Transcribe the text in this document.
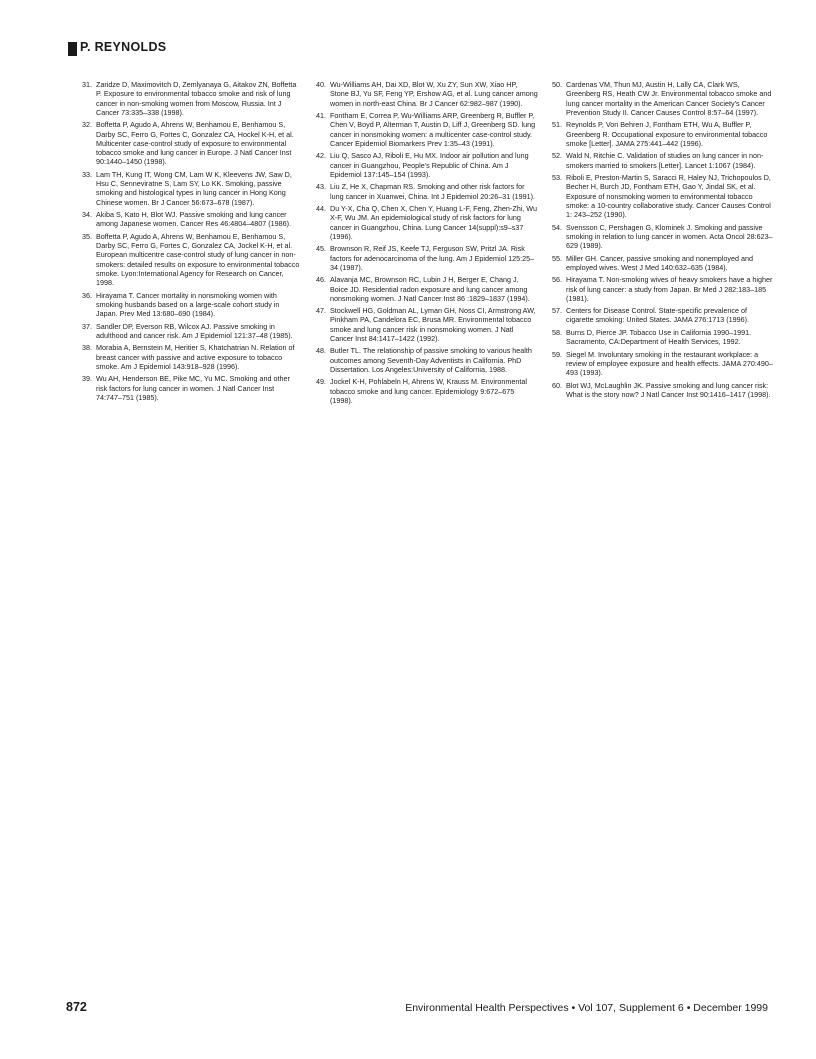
P. REYNOLDS
31. Zaridze D, Maximovitch D, Zemlyanaya G, Aitakov ZN, Boffetta P. Exposure to environmental tobacco smoke and risk of lung cancer in non-smoking women from Moscow, Russia. Int J Cancer 73:335–338 (1998).
32. Boffetta P, Agudo A, Ahrens W, Benhamou E, Benhamou S, Darby SC, Ferro G, Fortes C, Gonzalez CA, Hockel K-H, et al. Multicenter case-control study of exposure to environmental tobacco smoke and lung cancer in Europe. J Natl Cancer Inst 90:1440–1450 (1998).
33. Lam TH, Kung IT, Wong CM, Lam W K, Kleevens JW, Saw D, Hsu C, Senneviratne S, Lam SY, Lo KK. Smoking, passive smoking and histological types in lung cancer in Hong Kong Chinese women. Br J Cancer 56:673–678 (1987).
34. Akiba S, Kato H, Blot WJ. Passive smoking and lung cancer among Japanese women. Cancer Res 46:4804–4807 (1986).
35. Boffetta P, Agudo A, Ahrens W, Benhamou E, Benhamou S, Darby SC, Ferro G, Fortes C, Gonzalez CA, Jockel K-H, et al. European multicentre case-control study of lung cancer in non-smokers: detailed results on exposure to environmental tobacco smoke. Lyon:International Agency for Research on Cancer, 1998.
36. Hirayama T. Cancer mortality in nonsmoking women with smoking husbands based on a large-scale cohort study in Japan. Prev Med 13:680–690 (1984).
37. Sandler DP, Everson RB, Wilcox AJ. Passive smoking in adulthood and cancer risk. Am J Epidemiol 121:37–48 (1985).
38. Morabia A, Bernstein M, Heritier S, Khatchatrian N. Relation of breast cancer with passive and active exposure to tobacco smoke. Am J Epidemiol 143:918–928 (1996).
39. Wu AH, Henderson BE, Pike MC, Yu MC. Smoking and other risk factors for lung cancer in women. J Natl Cancer Inst 74:747–751 (1985).
40. Wu-Williams AH, Dai XD, Blot W, Xu ZY, Sun XW, Xiao HP, Stone BJ, Yu SF, Feng YP, Ershow AG, et al. Lung cancer among women in north-east China. Br J Cancer 62:982–987 (1990).
41. Fontham E, Correa P, Wu-Williams ARP, Greenberg R, Buffler P, Chen V, Boyd P, Alterman T, Austin D, Liff J, Greenberg SD. lung cancer in nonsmoking women: a multicenter case-control study. Cancer Epidemiol Biomarkers Prev 1:35–43 (1991).
42. Liu Q, Sasco AJ, Riboli E, Hu MX. Indoor air pollution and lung cancer in Guangzhou, People’s Republic of China. Am J Epidemiol 137:145–154 (1993).
43. Liu Z, He X, Chapman RS. Smoking and other risk factors for lung cancer in Xuanwei, China. Int J Epidemiol 20:26–31 (1991).
44. Du Y-X, Cha Q, Chen X, Chen Y, Huang L-F, Feng, Zhen-Zhi, Wu X-F, Wu JM. An epidemiological study of risk factors for lung cancer in Guangzhou, China. Lung Cancer 14(suppl):s9–s37 (1996).
45. Brownson R, Reif JS, Keefe TJ, Ferguson SW, Pritzl JA. Risk factors for adenocarcinoma of the lung. Am J Epidemiol 125:25–34 (1987).
46. Alavanja MC, Brownson RC, Lubin J H, Berger E, Chang J, Boice JD. Residential radon exposure and lung cancer among nonsmoking women. J Natl Cancer Inst 86 :1829–1837 (1994).
47. Stockwell HG, Goldman AL, Lyman GH, Noss CI, Armstrong AW, Pinkham PA, Candelora EC, Brusa MR. Environmental tobacco smoke and lung cancer risk in nonsmoking women. J Natl Cancer Inst 84:1417–1422 (1992).
48. Butler TL. The relationship of passive smoking to various health outcomes among Seventh-Day Adventists in California. PhD Dissertation. Los Angeles:University of California, 1988.
49. Jockel K-H, Pohlabeln H, Ahrens W, Krauss M. Environmental tobacco smoke and lung cancer. Epidemiology 9:672–675 (1998).
50. Cardenas VM, Thun MJ, Austin H, Lally CA, Clark WS, Greenberg RS, Heath CW Jr. Environmental tobacco smoke and lung cancer mortality in the American Cancer Society’s Cancer Prevention Study II. Cancer Causes Control 8:57–64 (1997).
51. Reynolds P, Von Behren J, Fontham ETH, Wu A, Buffler P, Greenberg R. Occupational exposure to environmental tobacco smoke [Letter]. JAMA 275:441–442 (1996).
52. Wald N, Ritchie C. Validation of studies on lung cancer in non-smokers married to smokers [Letter]. Lancet 1:1067 (1984).
53. Riboli E, Preston-Martin S, Saracci R, Haley NJ, Trichopoulos D, Becher H, Burch JD, Fontham ETH, Gao Y, Jindal SK, et al. Exposure of nonsmoking women to environmental tobacco smoke: a 10-country collaborative study. Cancer Causes Control 1: 243–252 (1990).
54. Svensson C, Pershagen G, Klominek J. Smoking and passive smoking in relation to lung cancer in women. Acta Oncol 28:623–629 (1989).
55. Miller GH. Cancer, passive smoking and nonemployed and employed wives. West J Med 140:632–635 (1984).
56. Hirayama T. Non-smoking wives of heavy smokers have a higher risk of lung cancer: a study from Japan. Br Med J 282:183–185 (1981).
57. Centers for Disease Control. State-specific prevalence of cigarette smoking: United States. JAMA 276:1713 (1996).
58. Burns D, Pierce JP. Tobacco Use in California 1990–1991. Sacramento, CA:Department of Health Services, 1992.
59. Siegel M. Involuntary smoking in the restaurant workplace: a review of employee exposure and health effects. JAMA 270:490–493 (1993).
60. Blot WJ, McLaughlin JK. Passive smoking and lung cancer risk: What is the story now? J Natl Cancer Inst 90:1416–1417 (1998).
872	Environmental Health Perspectives • Vol 107, Supplement 6 • December 1999
